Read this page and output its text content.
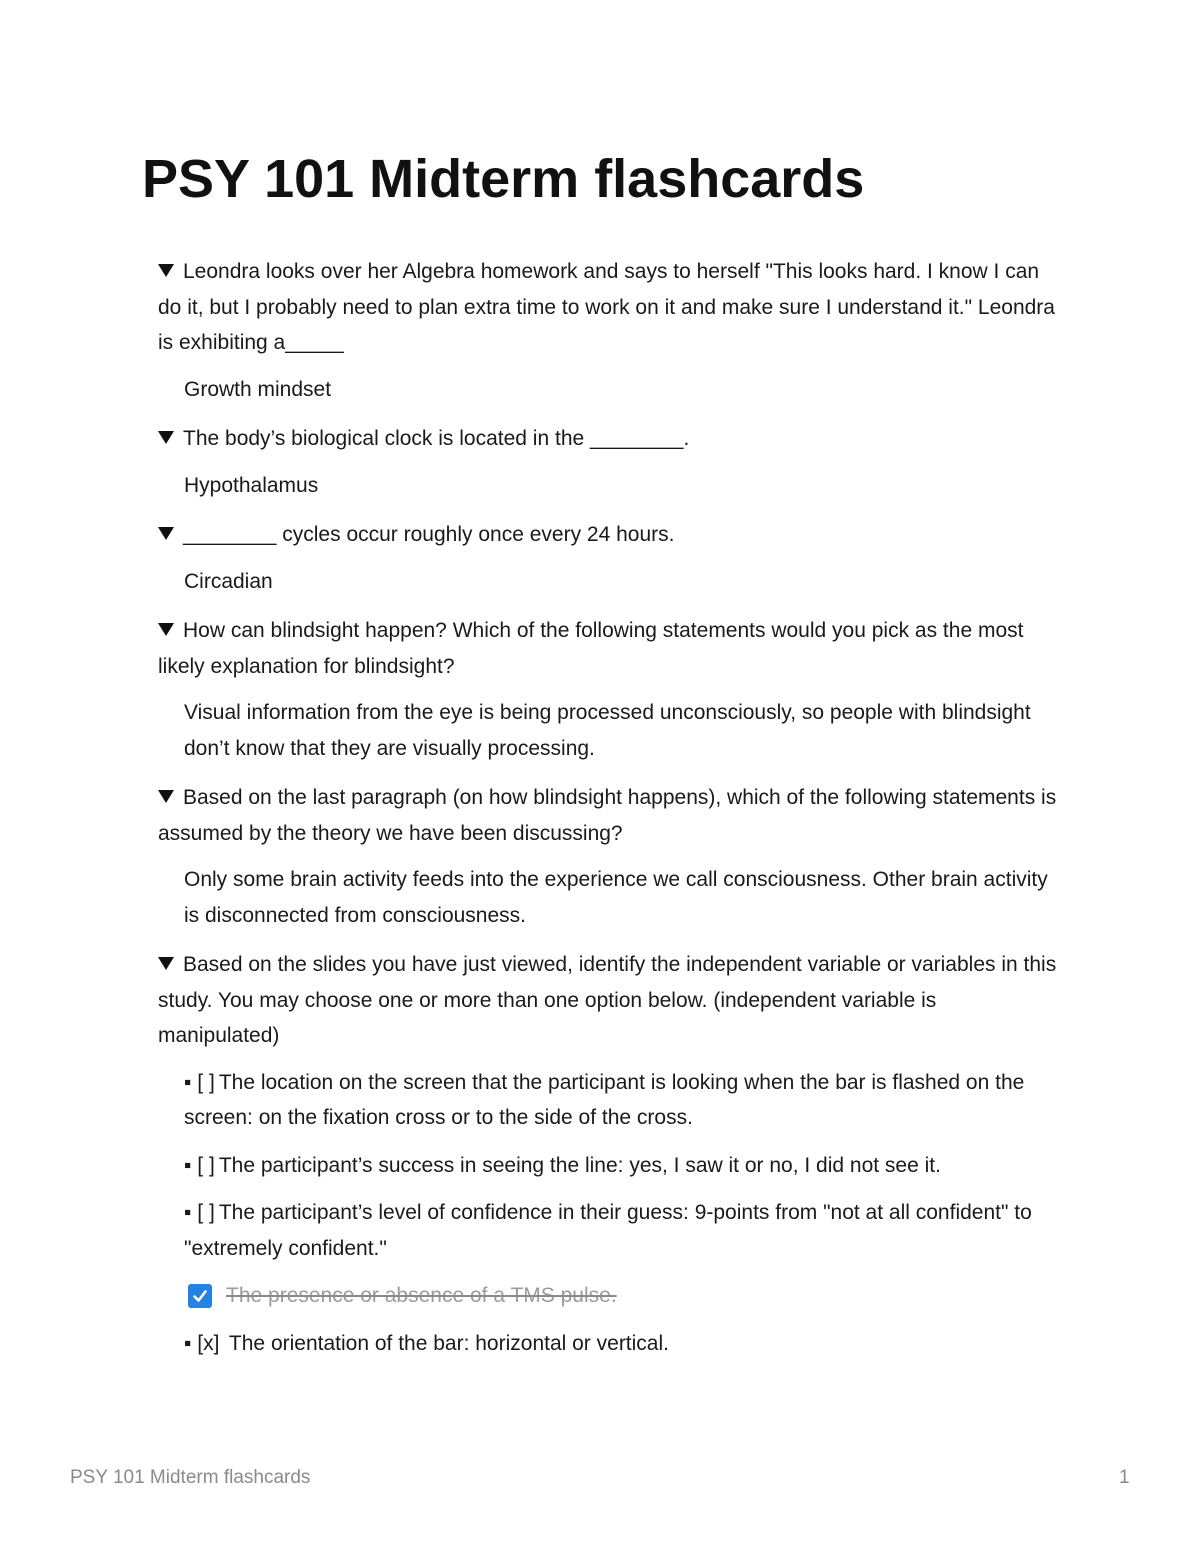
PSY 101 Midterm flashcards

Leondra looks over her Algebra homework and says to herself "This looks hard. I know I can do it, but I probably need to plan extra time to work on it and make sure I understand it." Leondra is exhibiting a_____

Growth mindset

The body’s biological clock is located in the ________.

Hypothalamus

________ cycles occur roughly once every 24 hours.

Circadian

How can blindsight happen? Which of the following statements would you pick as the most likely explanation for blindsight?

Visual information from the eye is being processed unconsciously, so people with blindsight don’t know that they are visually processing.

Based on the last paragraph (on how blindsight happens), which of the following statements is assumed by the theory we have been discussing?

Only some brain activity feeds into the experience we call consciousness. Other brain activity is disconnected from consciousness.

Based on the slides you have just viewed, identify the independent variable or variables in this study. You may choose one or more than one option below. (independent variable is manipulated)

▪ [ ] The location on the screen that the participant is looking when the bar is flashed on the screen: on the fixation cross or to the side of the cross.

▪ [ ] The participant’s success in seeing the line: yes, I saw it or no, I did not see it.

▪ [ ] The participant’s level of confidence in their guess: 9-points from "not at all confident" to "extremely confident."

The presence or absence of a TMS pulse.

▪ [x] The orientation of the bar: horizontal or vertical.

PSY 101 Midterm flashcards	1
